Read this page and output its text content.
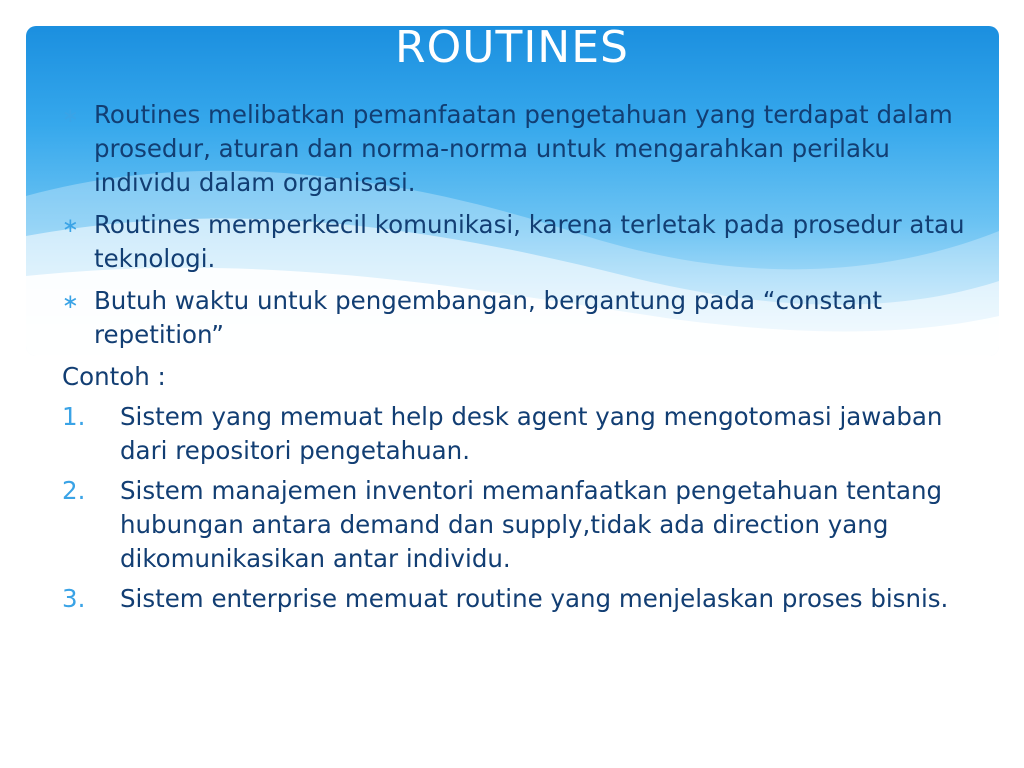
ROUTINES
∗ Routines melibatkan pemanfaatan pengetahuan yang terdapat dalam prosedur, aturan dan norma-norma untuk mengarahkan perilaku individu dalam organisasi.
∗ Routines memperkecil komunikasi, karena terletak pada prosedur atau teknologi.
∗ Butuh waktu untuk pengembangan, bergantung pada “constant repetition”
Contoh :
1. Sistem yang memuat help desk agent yang mengotomasi jawaban dari repositori pengetahuan.
2. Sistem manajemen inventori memanfaatkan pengetahuan tentang hubungan antara demand dan supply,tidak ada direction yang dikomunikasikan antar individu.
3. Sistem enterprise memuat routine yang menjelaskan proses bisnis.
